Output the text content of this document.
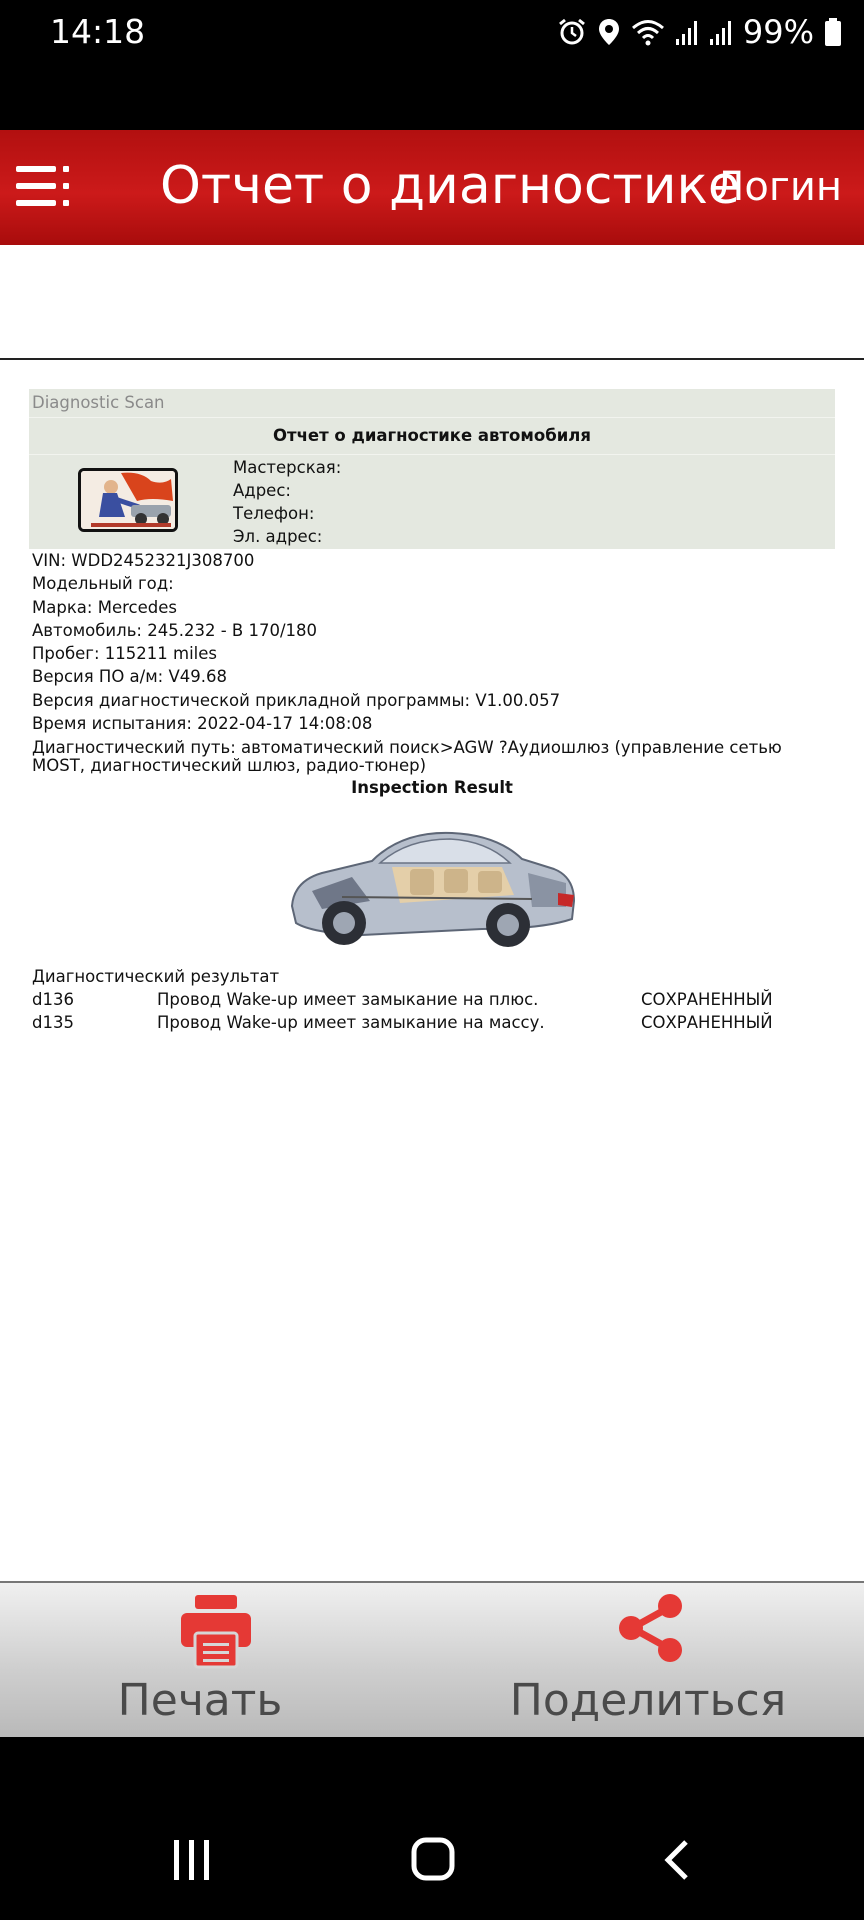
14:18	99%
Отчет о диагностике
Логин
Diagnostic Scan
Отчет о диагностике автомобиля
Мастерская:
Адрес:
Телефон:
Эл. адрес:
VIN: WDD2452321J308700
Модельный год:
Марка: Mercedes
Автомобиль: 245.232 - B 170/180
Пробег: 115211 miles
Версия ПО а/м: V49.68
Версия диагностической прикладной программы: V1.00.057
Время испытания: 2022-04-17 14:08:08
Диагностический путь: автоматический поиск>AGW ?Аудиошлюз (управление сетью MOST, диагностический шлюз, радио-тюнер)
Inspection Result
Диагностический результат
d136	Провод Wake-up имеет замыкание на плюс.	СОХРАНЕННЫЙ
d135	Провод Wake-up имеет замыкание на массу.	СОХРАНЕННЫЙ
Печать	Поделиться
